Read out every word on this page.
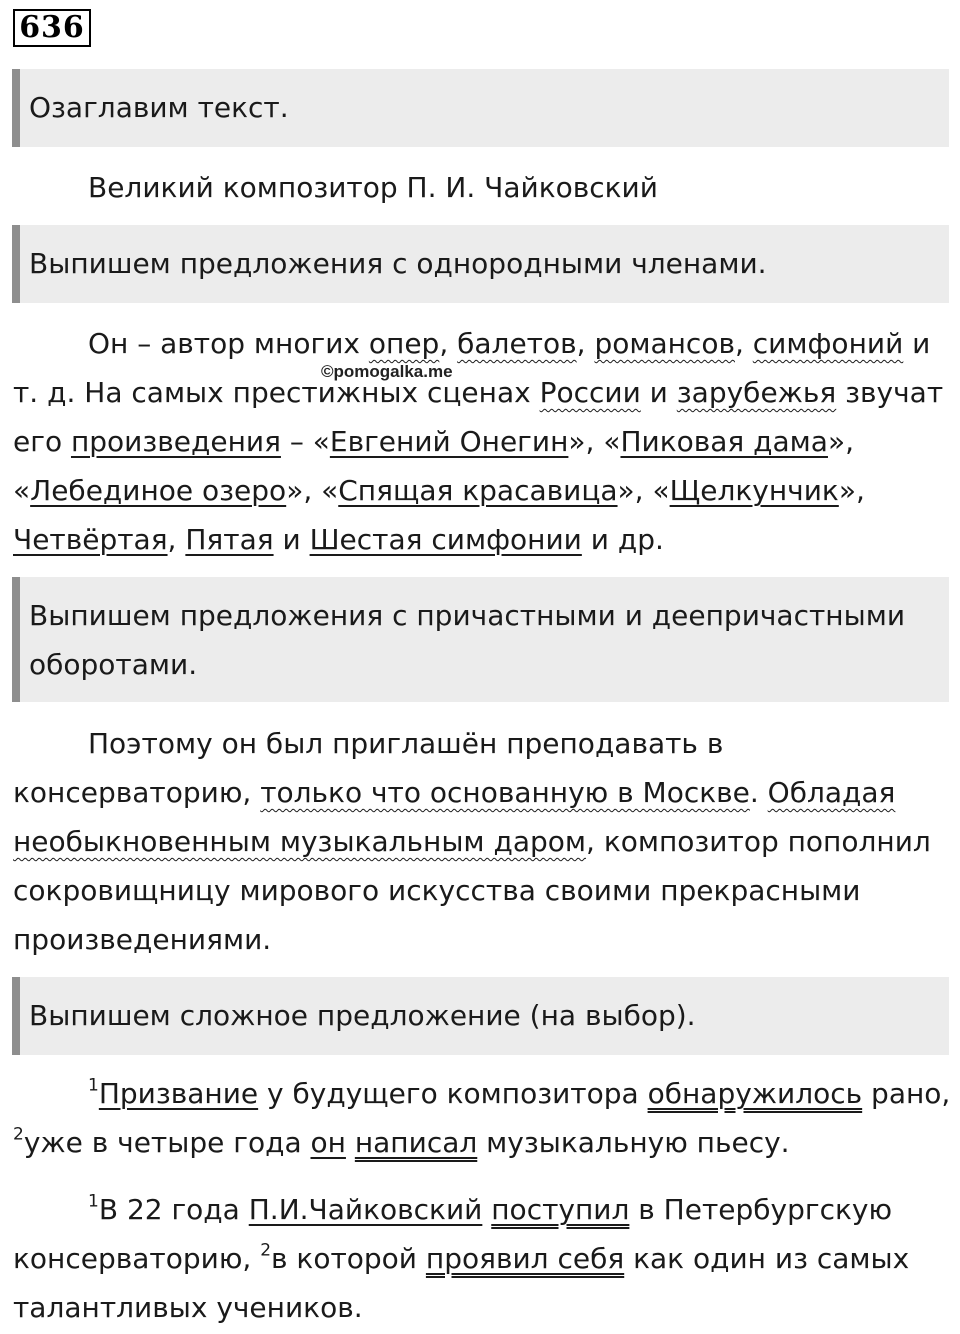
636
Озаглавим текст.

Великий композитор П. И. Чайковский

Выпишем предложения с однородными членами.

Он – автор многих опер, балетов, романсов, симфоний и т. д. На самых престижных сценах России и зарубежья звучат его произведения – «Евгений Онегин», «Пиковая дама», «Лебединое озеро», «Спящая красавица», «Щелкунчик», Четвёртая, Пятая и Шестая симфонии и др.

©pomogalka.me
Выпишем предложения с причастными и деепричастными оборотами.

Поэтому он был приглашён преподавать в консерваторию, только что основанную в Москве. Обладая необыкновенным музыкальным даром, композитор пополнил сокровищницу мирового искусства своими прекрасными произведениями.

Выпишем сложное предложение (на выбор).

$^1$Призвание у будущего композитора обнаружилось рано, $^2$уже в четыре года он написал музыкальную пьесу.

$^1$В 22 года П.И.Чайковский поступил в Петербургскую консерваторию, $^2$в которой проявил себя как один из самых талантливых учеников.
